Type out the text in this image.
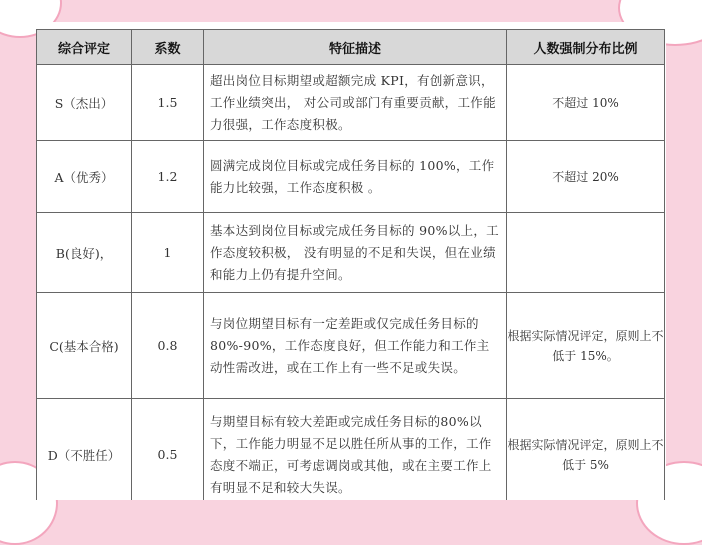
综合评定	系数	特征描述	人数强制分布比例
S（杰出）	1.5	超出岗位目标期望或超额完成 KPI，有创新意识，工作业绩突出， 对公司或部门有重要贡献，工作能力很强，工作态度积极。	不超过 10%
A（优秀）	1.2	圆满完成岗位目标或完成任务目标的 100%，工作能力比较强，工作态度积极 。	不超过 20%
B(良好)，	1	基本达到岗位目标或完成任务目标的 90%以上，工作态度较积极， 没有明显的不足和失误，但在业绩和能力上仍有提升空间。	
C(基本合格)	0.8	与岗位期望目标有一定差距或仅完成任务目标的 80%-90%，工作态度良好，但工作能力和工作主动性需改进，或在工作上有一些不足或失误。	根据实际情况评定，原则上不低于 15%。
D（不胜任）	0.5	与期望目标有较大差距或完成任务目标的80%以下，工作能力明显不足以胜任所从事的工作，工作态度不端正，可考虑调岗或其他，或在主要工作上有明显不足和较大失误。	根据实际情况评定，原则上不低于 5%
